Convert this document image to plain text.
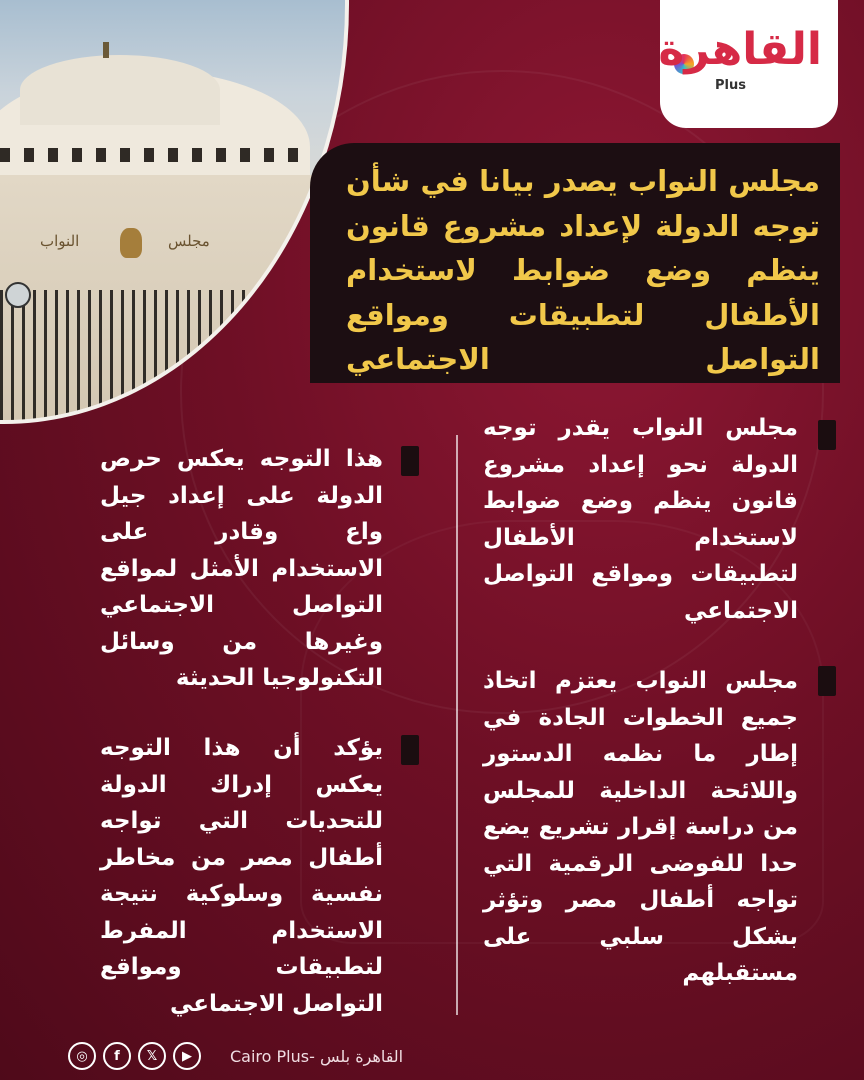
النواب	مجلس
القاهرة
Plus
مجلس النواب يصدر بيانا في شأن توجه الدولة لإعداد مشروع قانون ينظم وضع ضوابط لاستخدام الأطفال لتطبيقات ومواقع التواصل الاجتماعي
مجلس النواب يقدر توجه الدولة نحو إعداد مشروع قانون ينظم وضع ضوابط لاستخدام الأطفال لتطبيقات ومواقع التواصل الاجتماعي
مجلس النواب يعتزم اتخاذ جميع الخطوات الجادة في إطار ما نظمه الدستور واللائحة الداخلية للمجلس من دراسة إقرار تشريع يضع حدا للفوضى الرقمية التي تواجه أطفال مصر وتؤثر بشكل سلبي على مستقبلهم
هذا التوجه يعكس حرص الدولة على إعداد جيل واع وقادر على الاستخدام الأمثل لمواقع التواصل الاجتماعي وغيرها من وسائل التكنولوجيا الحديثة
يؤكد أن هذا التوجه يعكس إدراك الدولة للتحديات التي تواجه أطفال مصر من مخاطر نفسية وسلوكية نتيجة الاستخدام المفرط لتطبيقات ومواقع التواصل الاجتماعي
◎	f	𝕏	▶	Cairo Plus- القاهرة بلس
